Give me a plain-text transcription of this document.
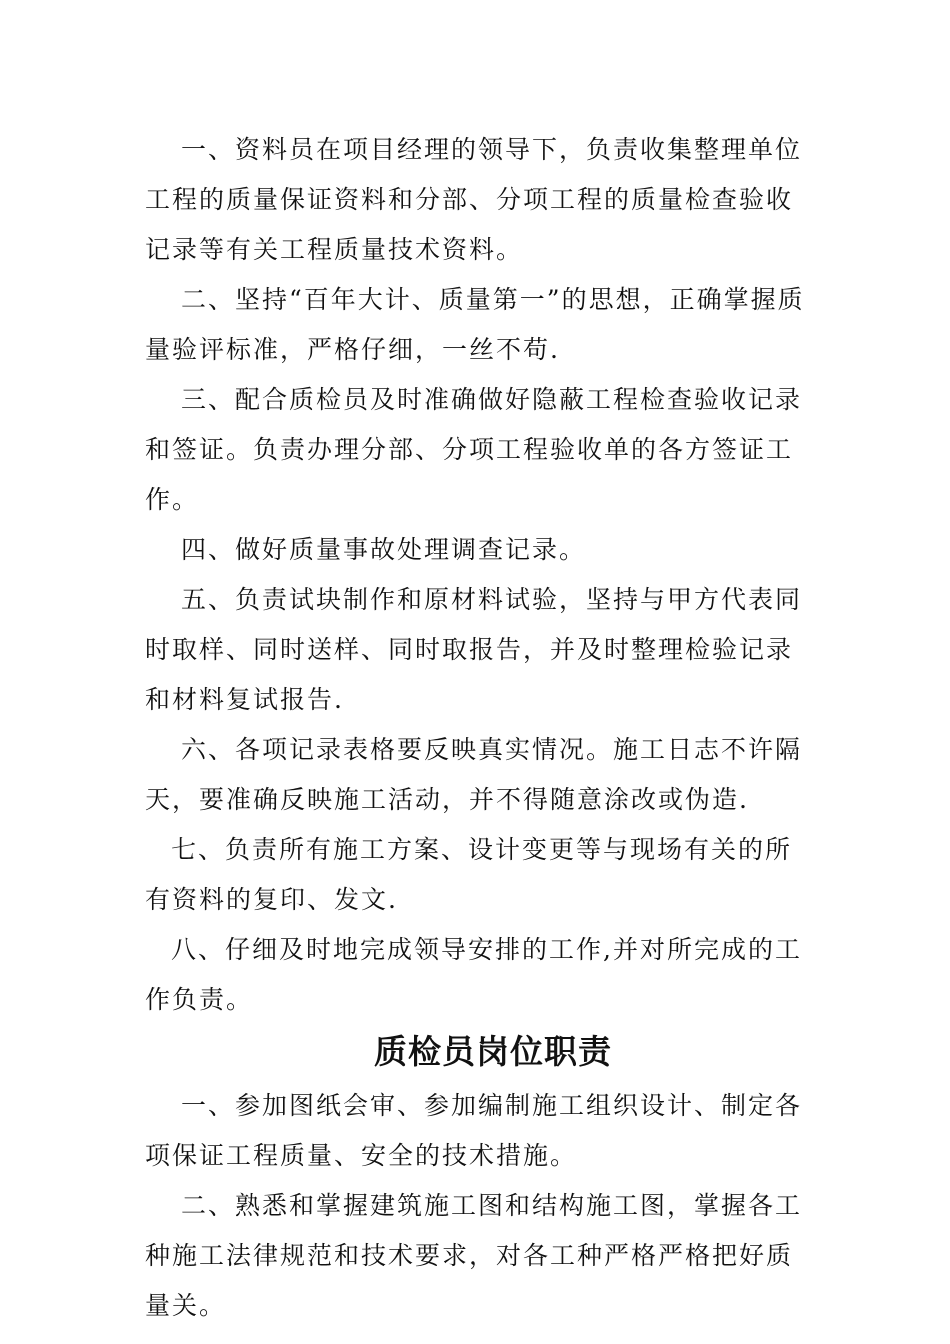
一、资料员在项目经理的领导下，负责收集整理单位工程的质量保证资料和分部、分项工程的质量检查验收记录等有关工程质量技术资料。

二、坚持“百年大计、质量第一”的思想，正确掌握质量验评标准，严格仔细，一丝不苟.

三、配合质检员及时准确做好隐蔽工程检查验收记录和签证。负责办理分部、分项工程验收单的各方签证工作。

四、做好质量事故处理调查记录。

五、负责试块制作和原材料试验，坚持与甲方代表同时取样、同时送样、同时取报告，并及时整理检验记录和材料复试报告.

六、各项记录表格要反映真实情况。施工日志不许隔天，要准确反映施工活动，并不得随意涂改或伪造.

七、负责所有施工方案、设计变更等与现场有关的所有资料的复印、发文.

八、仔细及时地完成领导安排的工作,并对所完成的工作负责。

质检员岗位职责

一、参加图纸会审、参加编制施工组织设计、制定各项保证工程质量、安全的技术措施。

二、熟悉和掌握建筑施工图和结构施工图，掌握各工种施工法律规范和技术要求，对各工种严格严格把好质量关。
